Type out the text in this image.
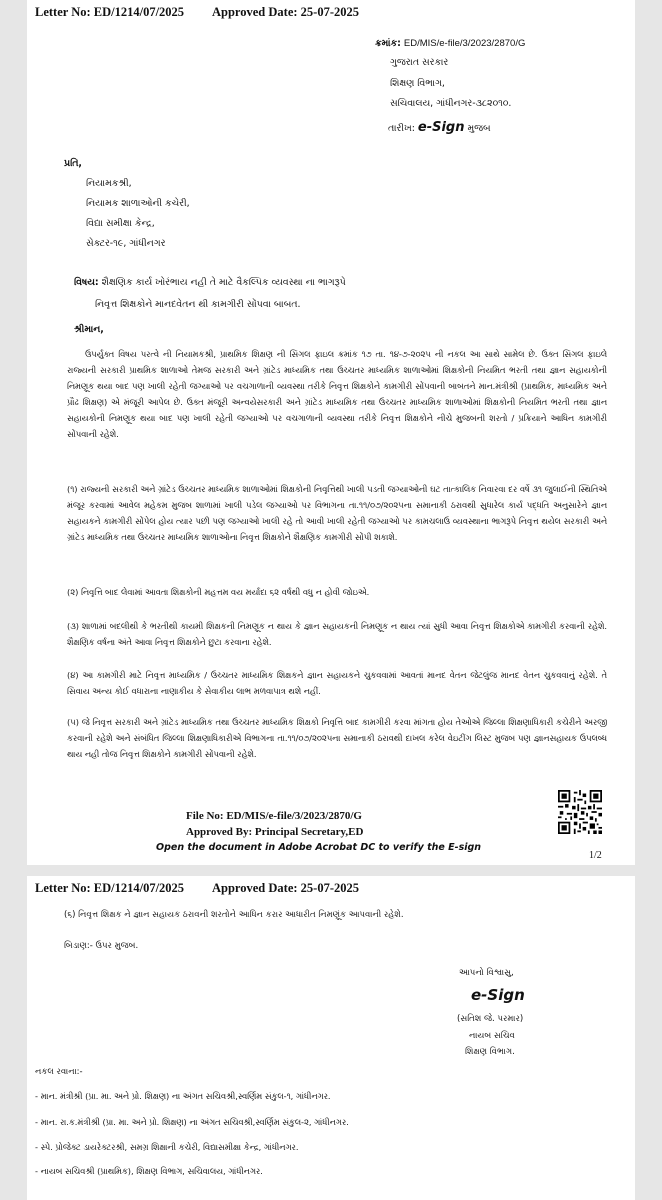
Letter No: ED/1214/07/2025 Approved Date: 25-07-2025
ક્રમાંક: ED/MIS/e-file/3/2023/2870/G
ગુજરાત સરકાર
શિક્ષણ વિભાગ,
સચિવાલય, ગાંધીનગર-૩૮૨૦૧૦.
તારીખ: e-Sign મુજબ
પ્રતિ,
નિયામકશ્રી,
નિયામક શાળાઓની કચેરી,
વિદ્યા સમીક્ષા કેન્દ્ર,
સેક્ટર-૧૯, ગાંધીનગર
વિષય: શૈક્ષણિક કાર્ય ખોરંભાય નહી તે માટે વૈકલ્પિક વ્યવસ્થા ના ભાગરૂપે
નિવૃત્ત શિક્ષકોને માનદવેતન થી કામગીરી સોંપવા બાબત.
શ્રીમાન,
ઉપર્યુક્ત વિષય પરત્વે ની નિયામકશ્રી, પ્રાથમિક શિક્ષણ ની સિંગલ ફાઇલ ક્રમાંક ૧૭ તા. ૧૪-૭-૨૦૨૫ ની નકલ આ સાથે સામેલ છે. ઉક્ત સિંગલ ફાઇલે રાજ્યની સરકારી પ્રાથમિક શાળાઓ તેમજ સરકારી અને ગ્રાંટેડ માધ્યમિક તથા ઉચ્ચતર માધ્યમિક શાળાઓમાં શિક્ષકોની નિયમિત ભરતી તથા જ્ઞાન સહાયકોની નિમણૂક થયા બાદ પણ ખાલી રહેતી જગ્યાઓ પર વચગાળાની વ્યવસ્થા તરીકે નિવૃત્ત શિક્ષકોને કામગીરી સોંપવાની બાબતને માન.મંત્રીશ્રી (પ્રાથમિક, માધ્યમિક અને પ્રૌઢ શિક્ષણ) એ મંજૂરી આપેલ છે. ઉક્ત મંજૂરી અન્વયેસરકારી અને ગ્રાંટેડ માધ્યમિક તથા ઉચ્ચતર માધ્યમિક શાળાઓમાં શિક્ષકોની નિયમિત ભરતી તથા જ્ઞાન સહાયકોની નિમણૂક થયા બાદ પણ ખાલી રહેતી જગ્યાઓ પર વચગાળાની વ્યવસ્થા તરીકે નિવૃત્ત શિક્ષકોને નીચે મુજબની શરતો / પ્રક્રિયાને આધિન કામગીરી સોંપવાની રહેશે.
(૧) રાજ્યની સરકારી અને ગ્રાંટેડ ઉચ્ચતર માધ્યમિક શાળાઓમાં શિક્ષકોની નિવૃત્તિથી ખાલી પડતી જગ્યાઓની ઘટ તાત્કાલિક નિવારવા દર વર્ષે ૩૧ જુલાઈની સ્થિતિએ મંજૂર કરવામાં આવેલ મહેકમ મુજબ શાળામાં ખાલી પડેલ જગ્યાઓ પર વિભાગના તા.૧૧/૦૭/૨૦૨૫ના સમાનાકી ઠરાવથી સુધારેલ કાર્ય પદ્ધતિ અનુસારેને જ્ઞાન સહાયકને કામગીરી સોંપેલ હોય ત્યાર પછી પણ જગ્યાઓ ખાલી રહે તો આવી ખાલી રહેતી જગ્યાઓ પર કામચલાઉ વ્યવસ્થાના ભાગરૂપે નિવૃત્ત થયેલ સરકારી અને ગ્રાંટેડ માધ્યમિક તથા ઉચ્ચતર માધ્યમિક શાળાઓના નિવૃત્ત શિક્ષકોને શૈક્ષણિક કામગીરી સોંપી શકાશે.
(૨) નિવૃત્તિ બાદ લેવામાં આવતા શિક્ષકોની મહત્તમ વય મર્યાદા ૬૨ વર્ષથી વધુ ન હોવી જોઇએ.
(૩) શાળામાં બદલીથી કે ભરતીથી કાયમી શિક્ષકની નિમણૂક ન થાય કે જ્ઞાન સહાયકની નિમણૂક ન થાય ત્યાં સુધી આવા નિવૃત્ત શિક્ષકોએ કામગીરી કરવાની રહેશે. શૈક્ષણિક વર્ષના અંતે આવા નિવૃત્ત શિક્ષકોને છુટા કરવાના રહેશે.
(૪) આ કામગીરી માટે નિવૃત્ત માધ્યમિક / ઉચ્ચતર માધ્યમિક શિક્ષકને જ્ઞાન સહાયકને ચુકવવામાં આવતાં માનદ વેતન જેટલુંજ માનદ વેતન ચુકવવાનું રહેશે. તે સિવાય અન્ય કોઈ વધારાના નાણાકીય કે સેવાકીય લાભ મળવાપાત્ર થશે નહીં.
(૫) જે નિવૃત્ત સરકારી અને ગ્રાંટેડ માધ્યમિક તથા ઉચ્ચતર માધ્યમિક શિક્ષકો નિવૃત્તિ બાદ કામગીરી કરવા માંગતા હોય તેઓએ જિલ્લા શિક્ષણાધિકારી કચેરીને અરજી કરવાની રહેશે અને સંબંધિત જિલ્લા શિક્ષણાધિકારીએ વિભાગના તા.૧૧/૦૭/૨૦૨૫ના સમાનાકી ઠરાવથી દાખલ કરેલ વેઇટીંગ લિસ્ટ મુજબ પણ જ્ઞાનસહાયક ઉપલબ્ધ થાય નહી તોજ નિવૃત્ત શિક્ષકોને કામગીરી સોંપવાની રહેશે.
File No: ED/MIS/e-file/3/2023/2870/G
Approved By: Principal Secretary,ED
Open the document in Adobe Acrobat DC to verify the E-sign
1/2
Letter No: ED/1214/07/2025 Approved Date: 25-07-2025
(૬) નિવૃત્ત શિક્ષક ને જ્ઞાન સહાયક ઠરાવની શરતોને આધિન કરાર આધારીત નિમણૂંક આપવાની રહેશે.
બિડાણ:- ઉપર મુજબ.
આપનો વિશ્વાસુ,
e-Sign
(સતિશ જે. પરમાર)
નાયબ સચિવ
શિક્ષણ વિભાગ.
નકલ રવાના:-
- માન. મંત્રીશ્રી (પ્રા. મા. અને પ્રો. શિક્ષણ) ના અંગત સચિવશ્રી,સ્વર્ણિમ સંકુલ-૧, ગાંધીનગર.
- માન. રા.ક.મંત્રીશ્રી (પ્રા. મા. અને પ્રો. શિક્ષણ) ના અંગત સચિવશ્રી,સ્વર્ણિમ સંકુલ-૨, ગાંધીનગર.
- સ્પે. પ્રોજેક્ટ ડાયરેક્ટરશ્રી, સમગ્ર શિક્ષાની કચેરી, વિદ્યાસમીક્ષા કેન્દ્ર, ગાંધીનગર.
- નાયબ સચિવશ્રી (પ્રાથમિક), શિક્ષણ વિભાગ, સચિવાલય, ગાંધીનગર.
